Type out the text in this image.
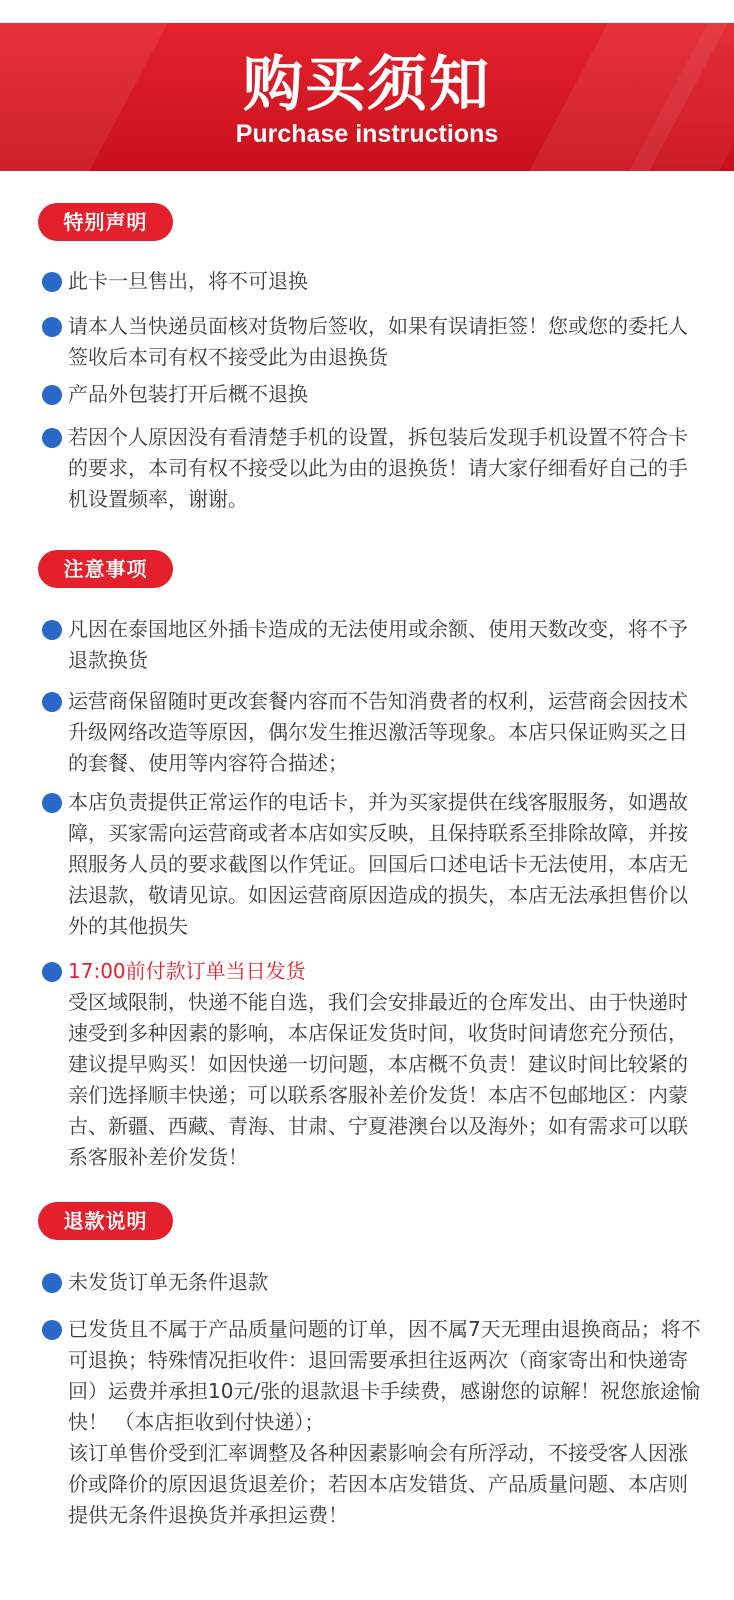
购买须知
Purchase instructions
特别声明

此卡一旦售出，将不可退换

请本人当快递员面核对货物后签收，如果有误请拒签！您或您的委托人签收后本司有权不接受此为由退换货

产品外包装打开后概不退换

若因个人原因没有看清楚手机的设置，拆包装后发现手机设置不符合卡的要求，本司有权不接受以此为由的退换货！请大家仔细看好自己的手机设置频率，谢谢。

注意事项

凡因在泰国地区外插卡造成的无法使用或余额、使用天数改变，将不予退款换货

运营商保留随时更改套餐内容而不告知消费者的权利，运营商会因技术升级网络改造等原因，偶尔发生推迟激活等现象。本店只保证购买之日的套餐、使用等内容符合描述；

本店负责提供正常运作的电话卡，并为买家提供在线客服服务，如遇故障，买家需向运营商或者本店如实反映，且保持联系至排除故障，并按照服务人员的要求截图以作凭证。回国后口述电话卡无法使用，本店无法退款，敬请见谅。如因运营商原因造成的损失，本店无法承担售价以外的其他损失

17:00前付款订单当日发货

受区域限制，快递不能自选，我们会安排最近的仓库发出、由于快递时速受到多种因素的影响，本店保证发货时间，收货时间请您充分预估，建议提早购买！如因快递一切问题，本店概不负责！建议时间比较紧的亲们选择顺丰快递；可以联系客服补差价发货！本店不包邮地区：内蒙古、新疆、西藏、青海、甘肃、宁夏港澳台以及海外；如有需求可以联系客服补差价发货！

退款说明

未发货订单无条件退款

已发货且不属于产品质量问题的订单，因不属7天无理由退换商品；将不可退换；特殊情况拒收件：退回需要承担往返两次（商家寄出和快递寄回）运费并承担10元/张的退款退卡手续费，感谢您的谅解！祝您旅途愉快！ （本店拒收到付快递）；

该订单售价受到汇率调整及各种因素影响会有所浮动，不接受客人因涨价或降价的原因退货退差价；若因本店发错货、产品质量问题、本店则提供无条件退换货并承担运费！
